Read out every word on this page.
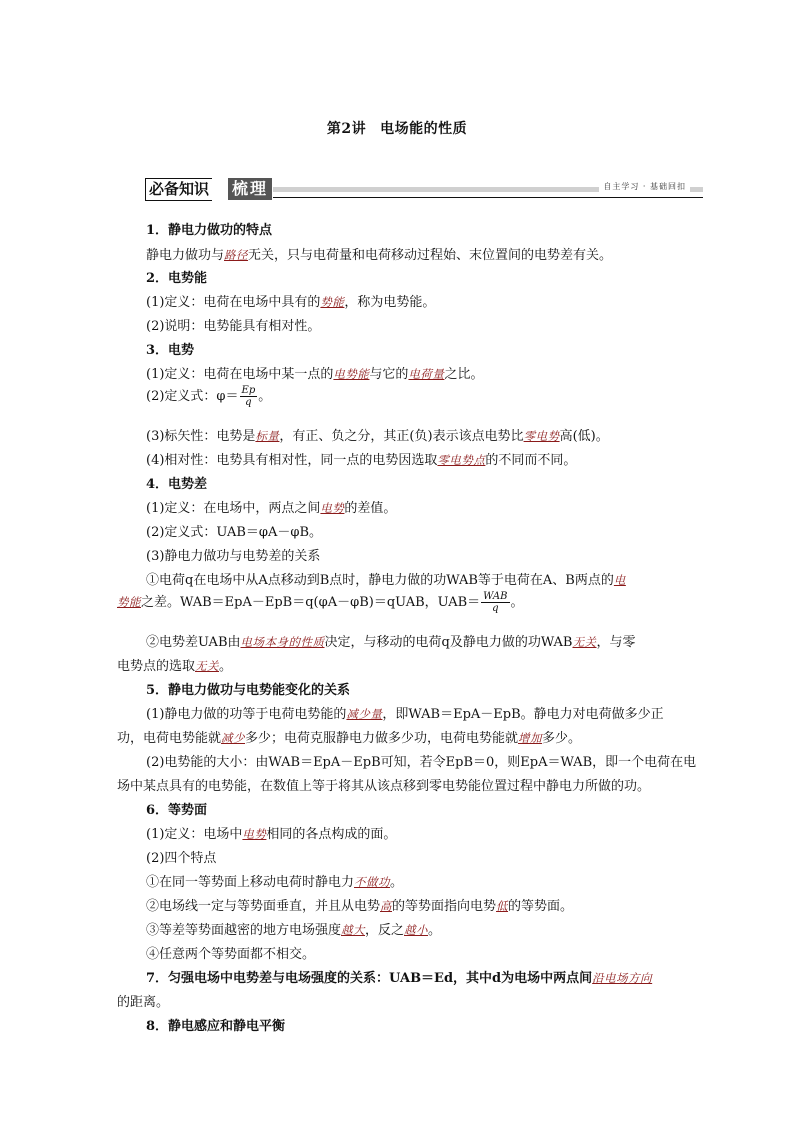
第2讲 电场能的性质
必备知识 梳理	自主学习 · 基础回扣
1．静电力做功的特点
静电力做功与路径无关，只与电荷量和电荷移动过程始、末位置间的电势差有关。
2．电势能
(1)定义：电荷在电场中具有的势能，称为电势能。
(2)说明：电势能具有相对性。
3．电势
(1)定义：电荷在电场中某一点的电势能与它的电荷量之比。
(2)定义式：$\varphi= \frac{Ep}{q}$ 。
(3)标矢性：电势是标量，有正、负之分，其正(负)表示该点电势比零电势高(低)。
(4)相对性：电势具有相对性，同一点的电势因选取零电势点的不同而不同。
4．电势差
(1)定义：在电场中，两点之间电势的差值。
(2)定义式：UAB＝φA－φB。
(3)静电力做功与电势差的关系
①电荷q在电场中从A点移动到B点时，静电力做的功WAB等于电荷在A、B两点的电
势能之差。WAB＝EpA－EpB＝q(φA－φB)＝qUAB，$UAB= \frac{\text{WAB}}{q}$ 。
②电势差UAB由电场本身的性质决定，与移动的电荷q及静电力做的功WAB无关，与零
电势点的选取无关。
5．静电力做功与电势能变化的关系
(1)静电力做的功等于电荷电势能的减少量，即WAB＝EpA－EpB。静电力对电荷做多少正
功，电荷电势能就减少多少；电荷克服静电力做多少功，电荷电势能就增加多少。
(2)电势能的大小：由WAB＝EpA－EpB可知，若令EpB＝0，则EpA＝WAB，即一个电荷在电
场中某点具有的电势能，在数值上等于将其从该点移到零电势能位置过程中静电力所做的功。
6．等势面
(1)定义：电场中电势相同的各点构成的面。
(2)四个特点
①在同一等势面上移动电荷时静电力不做功。
②电场线一定与等势面垂直，并且从电势高的等势面指向电势低的等势面。
③等差等势面越密的地方电场强度越大，反之越小。
④任意两个等势面都不相交。
7．匀强电场中电势差与电场强度的关系：UAB＝Ed，其中d为电场中两点间沿电场方向
的距离。
8．静电感应和静电平衡
